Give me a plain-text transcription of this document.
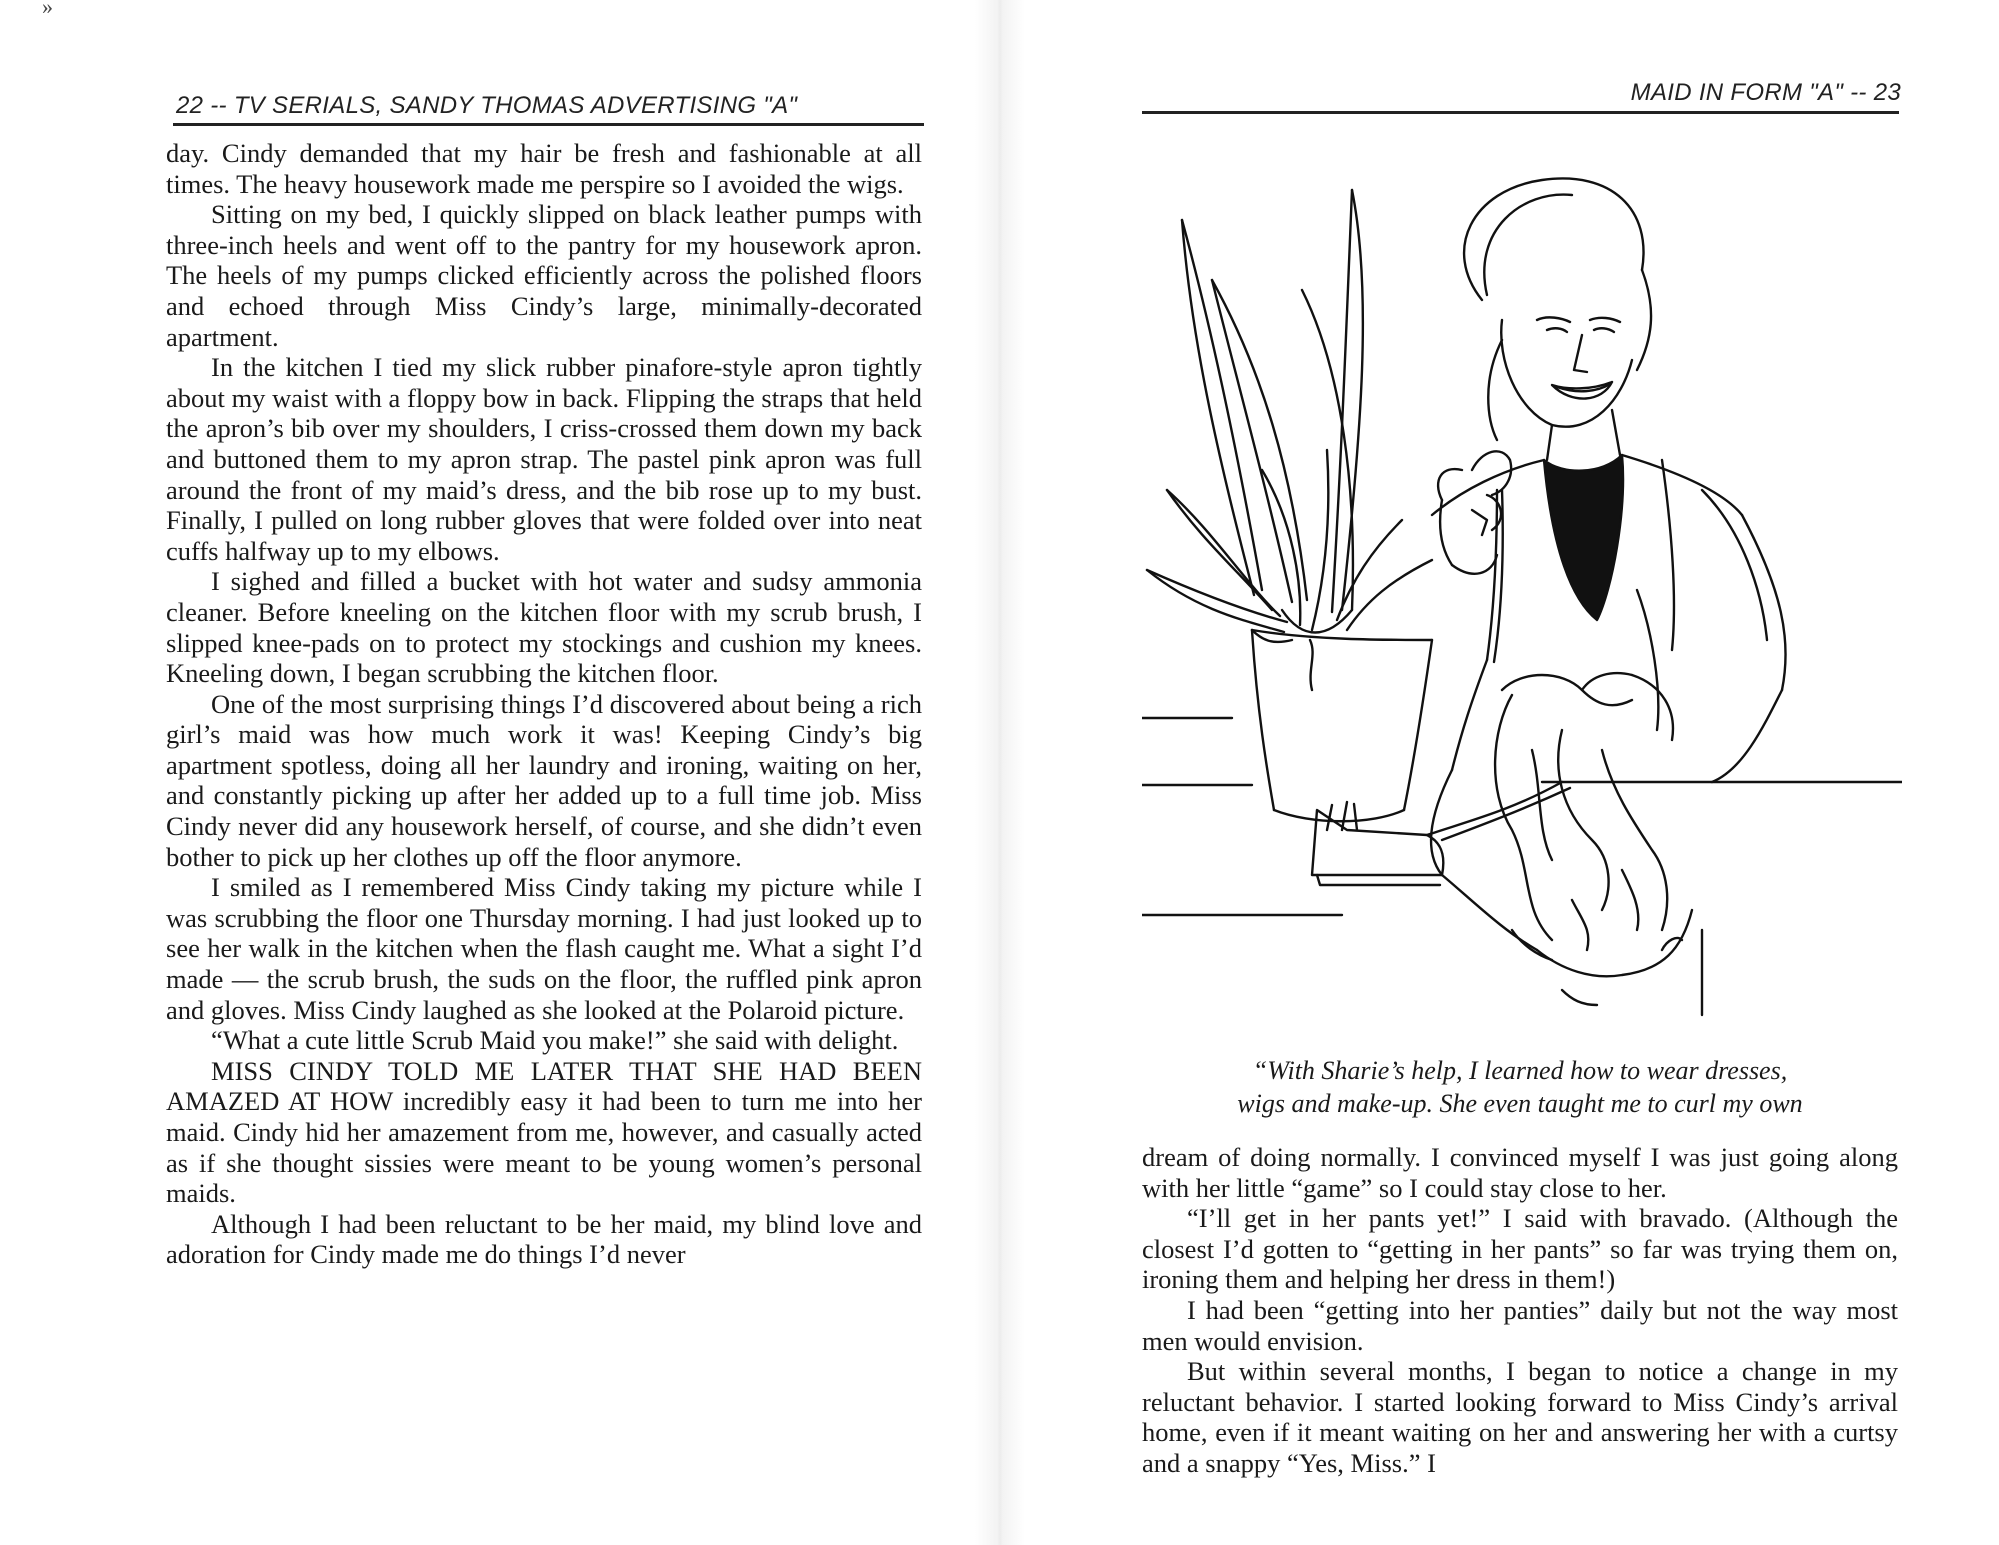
»
22 -- TV SERIALS, SANDY THOMAS ADVERTISING "A"

day. Cindy demanded that my hair be fresh and fashionable at all times. The heavy housework made me perspire so I avoided the wigs.

Sitting on my bed, I quickly slipped on black leather pumps with three-inch heels and went off to the pantry for my housework apron. The heels of my pumps clicked efficiently across the polished floors and echoed through Miss Cindy’s large, minimally-decorated apartment.

In the kitchen I tied my slick rubber pinafore-style apron tightly about my waist with a floppy bow in back. Flipping the straps that held the apron’s bib over my shoulders, I criss-crossed them down my back and buttoned them to my apron strap. The pastel pink apron was full around the front of my maid’s dress, and the bib rose up to my bust. Finally, I pulled on long rubber gloves that were folded over into neat cuffs halfway up to my elbows.

I sighed and filled a bucket with hot water and sudsy ammonia cleaner. Before kneeling on the kitchen floor with my scrub brush, I slipped knee-pads on to protect my stockings and cushion my knees. Kneeling down, I began scrubbing the kitchen floor.

One of the most surprising things I’d discovered about being a rich girl’s maid was how much work it was! Keeping Cindy’s big apartment spotless, doing all her laundry and ironing, waiting on her, and constantly picking up after her added up to a full time job. Miss Cindy never did any housework herself, of course, and she didn’t even bother to pick up her clothes up off the floor anymore.

I smiled as I remembered Miss Cindy taking my picture while I was scrubbing the floor one Thursday morning. I had just looked up to see her walk in the kitchen when the flash caught me. What a sight I’d made — the scrub brush, the suds on the floor, the ruffled pink apron and gloves. Miss Cindy laughed as she looked at the Polaroid picture.

“What a cute little Scrub Maid you make!” she said with delight.

MISS CINDY TOLD ME LATER THAT SHE HAD BEEN AMAZED AT HOW incredibly easy it had been to turn me into her maid. Cindy hid her amazement from me, however, and casually acted as if she thought sissies were meant to be young women’s personal maids.

Although I had been reluctant to be her maid, my blind love and adoration for Cindy made me do things I’d never

MAID IN FORM "A" -- 23

“With Sharie’s help, I learned how to wear dresses,
wigs and make-up. She even taught me to curl my own

dream of doing normally. I convinced myself I was just going along with her little “game” so I could stay close to her.

“I’ll get in her pants yet!” I said with bravado. (Although the closest I’d gotten to “getting in her pants” so far was trying them on, ironing them and helping her dress in them!)

I had been “getting into her panties” daily but not the way most men would envision.

But within several months, I began to notice a change in my reluctant behavior. I started looking forward to Miss Cindy’s arrival home, even if it meant waiting on her and answering her with a curtsy and a snappy “Yes, Miss.” I
